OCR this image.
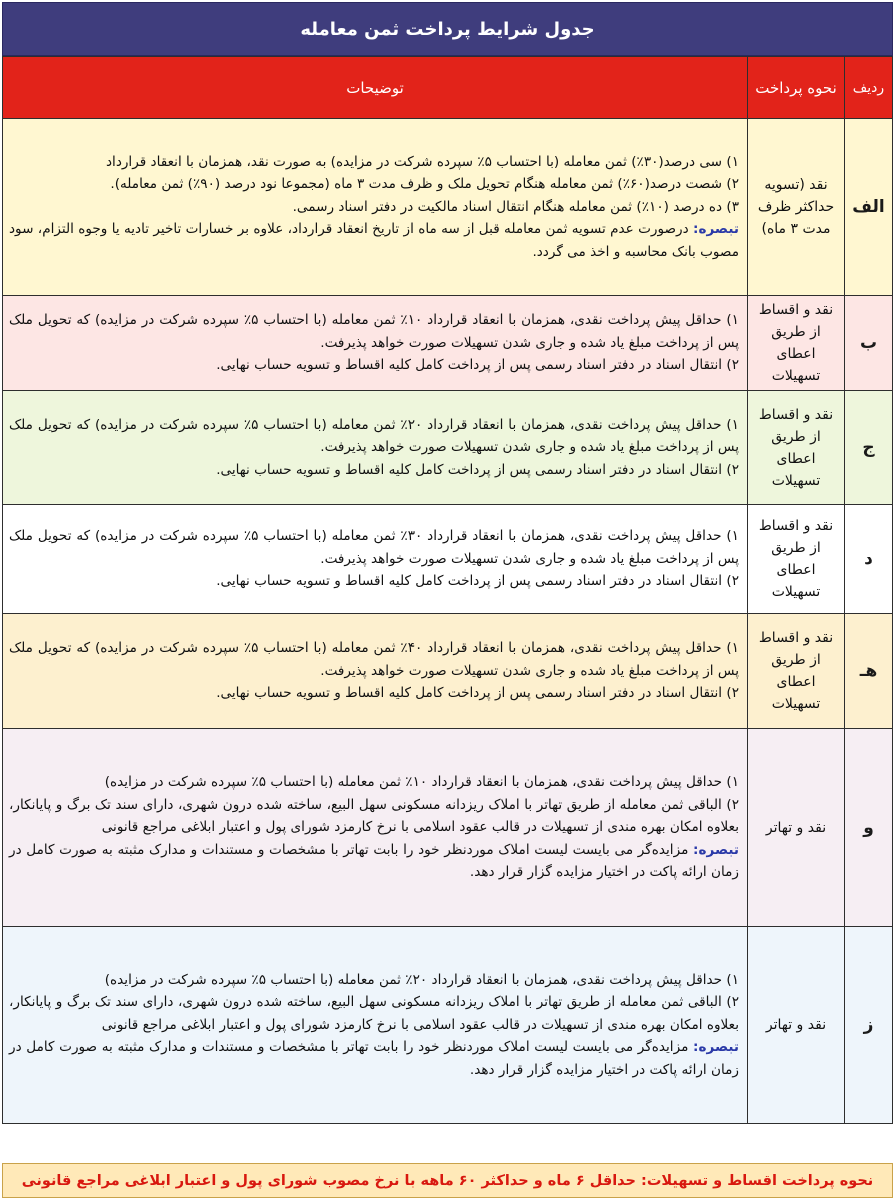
جدول شرایط پرداخت ثمن معامله
ردیف	نحوه پرداخت	توضیحات
الف	نقد (تسویه حداکثر ظرف مدت ۳ ماه)	۱) سی درصد(۳۰٪) ثمن معامله (با احتساب ۵٪ سپرده شرکت در مزایده) به صورت نقد، همزمان با انعقاد قرارداد
۲) شصت درصد(۶۰٪) ثمن معامله هنگام تحویل ملک و ظرف مدت ۳ ماه (مجموعا نود درصد (۹۰٪) ثمن معامله).
۳) ده درصد (۱۰٪) ثمن معامله هنگام انتقال اسناد مالکیت در دفتر اسناد رسمی.
تبصره: درصورت عدم تسویه ثمن معامله قبل از سه ماه از تاریخ انعقاد قرارداد، علاوه بر خسارات تاخیر تادیه یا وجوه التزام، سود مصوب بانک محاسبه و اخذ می گردد.

ب	نقد و اقساط از طریق اعطای تسهیلات	۱) حداقل پیش پرداخت نقدی، همزمان با انعقاد قرارداد ۱۰٪ ثمن معامله (با احتساب ۵٪ سپرده شرکت در مزایده) که تحویل ملک پس از پرداخت مبلغ یاد شده و جاری شدن تسهیلات صورت خواهد پذیرفت.
۲) انتقال اسناد در دفتر اسناد رسمی پس از پرداخت کامل کلیه اقساط و تسویه حساب نهایی.

ج	نقد و اقساط از طریق اعطای تسهیلات	۱) حداقل پیش پرداخت نقدی، همزمان با انعقاد قرارداد ۲۰٪ ثمن معامله (با احتساب ۵٪ سپرده شرکت در مزایده) که تحویل ملک پس از پرداخت مبلغ یاد شده و جاری شدن تسهیلات صورت خواهد پذیرفت.
۲) انتقال اسناد در دفتر اسناد رسمی پس از پرداخت کامل کلیه اقساط و تسویه حساب نهایی.

د	نقد و اقساط از طریق اعطای تسهیلات	۱) حداقل پیش پرداخت نقدی، همزمان با انعقاد قرارداد ۳۰٪ ثمن معامله (با احتساب ۵٪ سپرده شرکت در مزایده) که تحویل ملک پس از پرداخت مبلغ یاد شده و جاری شدن تسهیلات صورت خواهد پذیرفت.
۲) انتقال اسناد در دفتر اسناد رسمی پس از پرداخت کامل کلیه اقساط و تسویه حساب نهایی.

هـ	نقد و اقساط از طریق اعطای تسهیلات	۱) حداقل پیش پرداخت نقدی، همزمان با انعقاد قرارداد ۴۰٪ ثمن معامله (با احتساب ۵٪ سپرده شرکت در مزایده) که تحویل ملک پس از پرداخت مبلغ یاد شده و جاری شدن تسهیلات صورت خواهد پذیرفت.
۲) انتقال اسناد در دفتر اسناد رسمی پس از پرداخت کامل کلیه اقساط و تسویه حساب نهایی.

و	نقد و تهاتر	۱) حداقل پیش پرداخت نقدی، همزمان با انعقاد قرارداد ۱۰٪ ثمن معامله (با احتساب ۵٪ سپرده شرکت در مزایده)
۲) الباقی ثمن معامله از طریق تهاتر با املاک ریزدانه مسکونی سهل البیع، ساخته شده درون شهری، دارای سند تک برگ و پایانکار، بعلاوه امکان بهره مندی از تسهیلات در قالب عقود اسلامی با نرخ کارمزد شورای پول و اعتبار ابلاغی مراجع قانونی
تبصره: مزایده‌گر می بایست لیست املاک موردنظر خود را بابت تهاتر با مشخصات و مستندات و مدارک مثبته به صورت کامل در زمان ارائه پاکت در اختیار مزایده گزار قرار دهد.

ز	نقد و تهاتر	۱) حداقل پیش پرداخت نقدی، همزمان با انعقاد قرارداد ۲۰٪ ثمن معامله (با احتساب ۵٪ سپرده شرکت در مزایده)
۲) الباقی ثمن معامله از طریق تهاتر با املاک ریزدانه مسکونی سهل البیع، ساخته شده درون شهری، دارای سند تک برگ و پایانکار، بعلاوه امکان بهره مندی از تسهیلات در قالب عقود اسلامی با نرخ کارمزد شورای پول و اعتبار ابلاغی مراجع قانونی
تبصره: مزایده‌گر می بایست لیست املاک موردنظر خود را بابت تهاتر با مشخصات و مستندات و مدارک مثبته به صورت کامل در زمان ارائه پاکت در اختیار مزایده گزار قرار دهد.
نحوه پرداخت اقساط و تسهیلات: حداقل ۶ ماه و حداکثر ۶۰ ماهه با نرخ مصوب شورای پول و اعتبار ابلاغی مراجع قانونی
